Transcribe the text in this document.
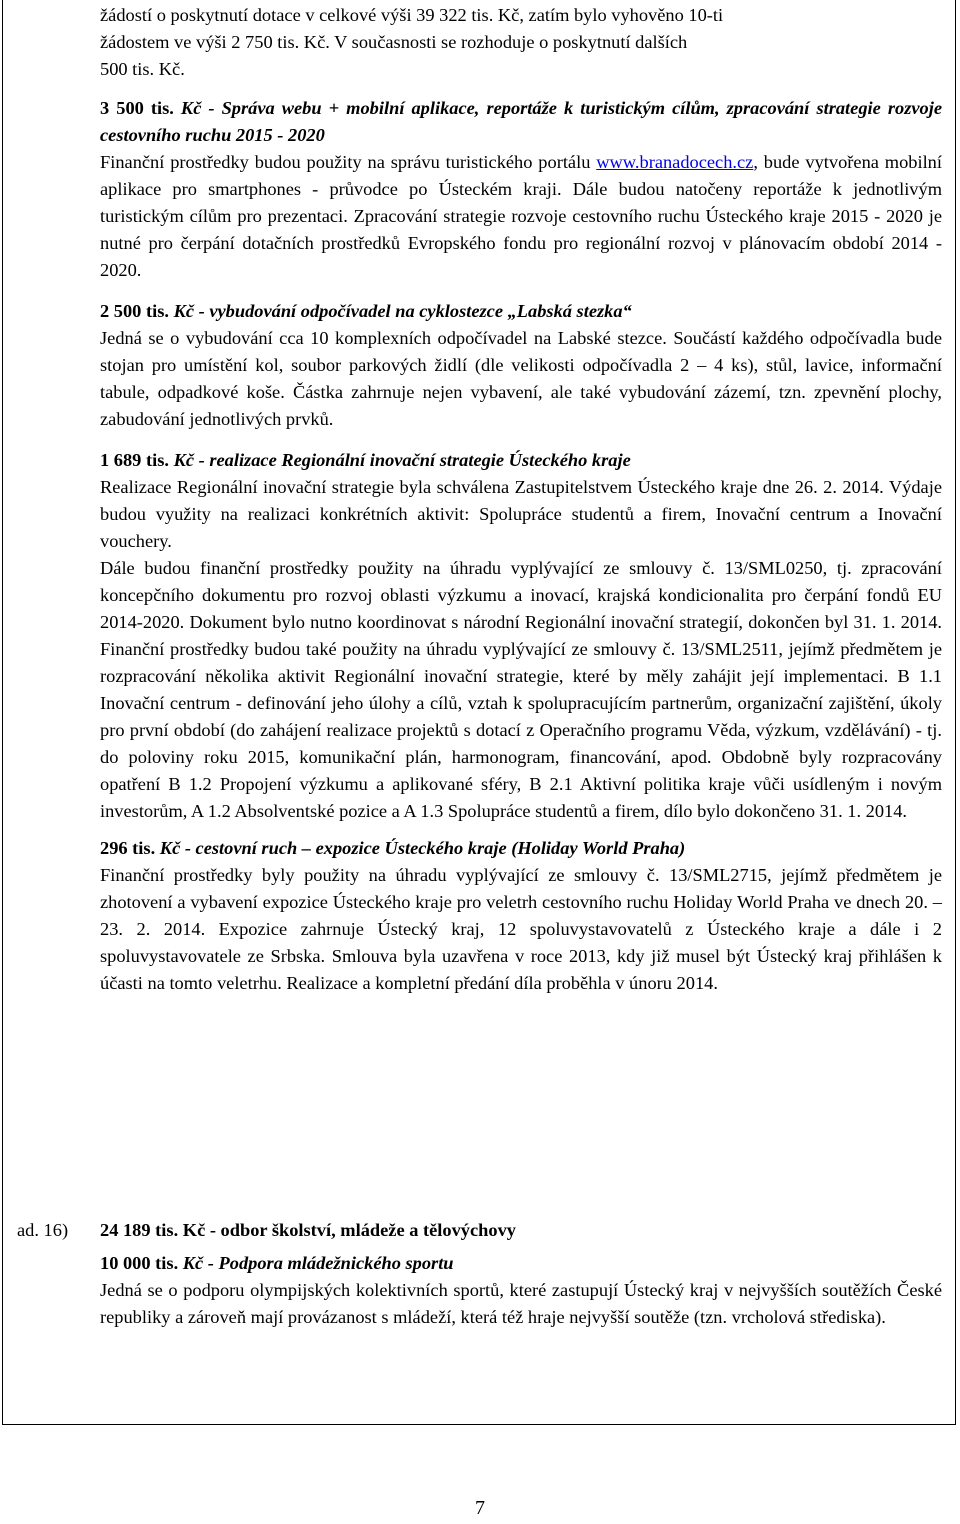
žádostí o poskytnutí dotace v celkové výši 39 322 tis. Kč, zatím bylo vyhověno 10-ti

žádostem ve výši 2 750 tis. Kč. V současnosti se rozhoduje o poskytnutí dalších

500 tis. Kč.

3 500 tis. Kč - Správa webu + mobilní aplikace, reportáže k turistickým cílům, zpracování strategie rozvoje cestovního ruchu 2015 - 2020

Finanční prostředky budou použity na správu turistického portálu www.branadocech.cz, bude vytvořena mobilní aplikace pro smartphones - průvodce po Ústeckém kraji. Dále budou natočeny reportáže k jednotlivým turistickým cílům pro prezentaci. Zpracování strategie rozvoje cestovního ruchu Ústeckého kraje 2015 - 2020 je nutné pro čerpání dotačních prostředků Evropského fondu pro regionální rozvoj v plánovacím období 2014 - 2020.

2 500 tis. Kč - vybudování odpočívadel na cyklostezce „Labská stezka“

Jedná se o vybudování cca 10 komplexních odpočívadel na Labské stezce. Součástí každého odpočívadla bude stojan pro umístění kol, soubor parkových židlí (dle velikosti odpočívadla 2 – 4 ks), stůl, lavice, informační tabule, odpadkové koše. Částka zahrnuje nejen vybavení, ale také vybudování zázemí, tzn. zpevnění plochy, zabudování jednotlivých prvků.

1 689 tis. Kč - realizace Regionální inovační strategie Ústeckého kraje

Realizace Regionální inovační strategie byla schválena Zastupitelstvem Ústeckého kraje dne 26. 2. 2014. Výdaje budou využity na realizaci konkrétních aktivit: Spolupráce studentů a firem, Inovační centrum a Inovační vouchery.

Dále budou finanční prostředky použity na úhradu vyplývající ze smlouvy č. 13/SML0250, tj. zpracování koncepčního dokumentu pro rozvoj oblasti výzkumu a inovací, krajská kondicionalita pro čerpání fondů EU 2014-2020. Dokument bylo nutno koordinovat s národní Regionální inovační strategií, dokončen byl 31. 1. 2014. Finanční prostředky budou také použity na úhradu vyplývající ze smlouvy č. 13/SML2511, jejímž předmětem je rozpracování několika aktivit Regionální inovační strategie, které by měly zahájit její implementaci. B 1.1 Inovační centrum - definování jeho úlohy a cílů, vztah k spolupracujícím partnerům, organizační zajištění, úkoly pro první období (do zahájení realizace projektů s dotací z Operačního programu Věda, výzkum, vzdělávání) - tj. do poloviny roku 2015, komunikační plán, harmonogram, financování, apod. Obdobně byly rozpracovány opatření B 1.2 Propojení výzkumu a aplikované sféry, B 2.1 Aktivní politika kraje vůči usídleným i novým investorům, A 1.2 Absolventské pozice a A 1.3 Spolupráce studentů a firem, dílo bylo dokončeno 31. 1. 2014.

296 tis. Kč - cestovní ruch – expozice Ústeckého kraje (Holiday World Praha)

Finanční prostředky byly použity na úhradu vyplývající ze smlouvy č. 13/SML2715, jejímž předmětem je zhotovení a vybavení expozice Ústeckého kraje pro veletrh cestovního ruchu Holiday World Praha ve dnech 20. – 23. 2. 2014. Expozice zahrnuje Ústecký kraj, 12 spoluvystavovatelů z Ústeckého kraje a dále i 2 spoluvystavovatele ze Srbska. Smlouva byla uzavřena v roce 2013, kdy již musel být Ústecký kraj přihlášen k účasti na tomto veletrhu. Realizace a kompletní předání díla proběhla v únoru 2014.

ad. 16) 24 189 tis. Kč - odbor školství, mládeže a tělovýchovy

10 000 tis. Kč - Podpora mládežnického sportu

Jedná se o podporu olympijských kolektivních sportů, které zastupují Ústecký kraj v nejvyšších soutěžích České republiky a zároveň mají provázanost s mládeží, která též hraje nejvyšší soutěže (tzn. vrcholová střediska).

7
